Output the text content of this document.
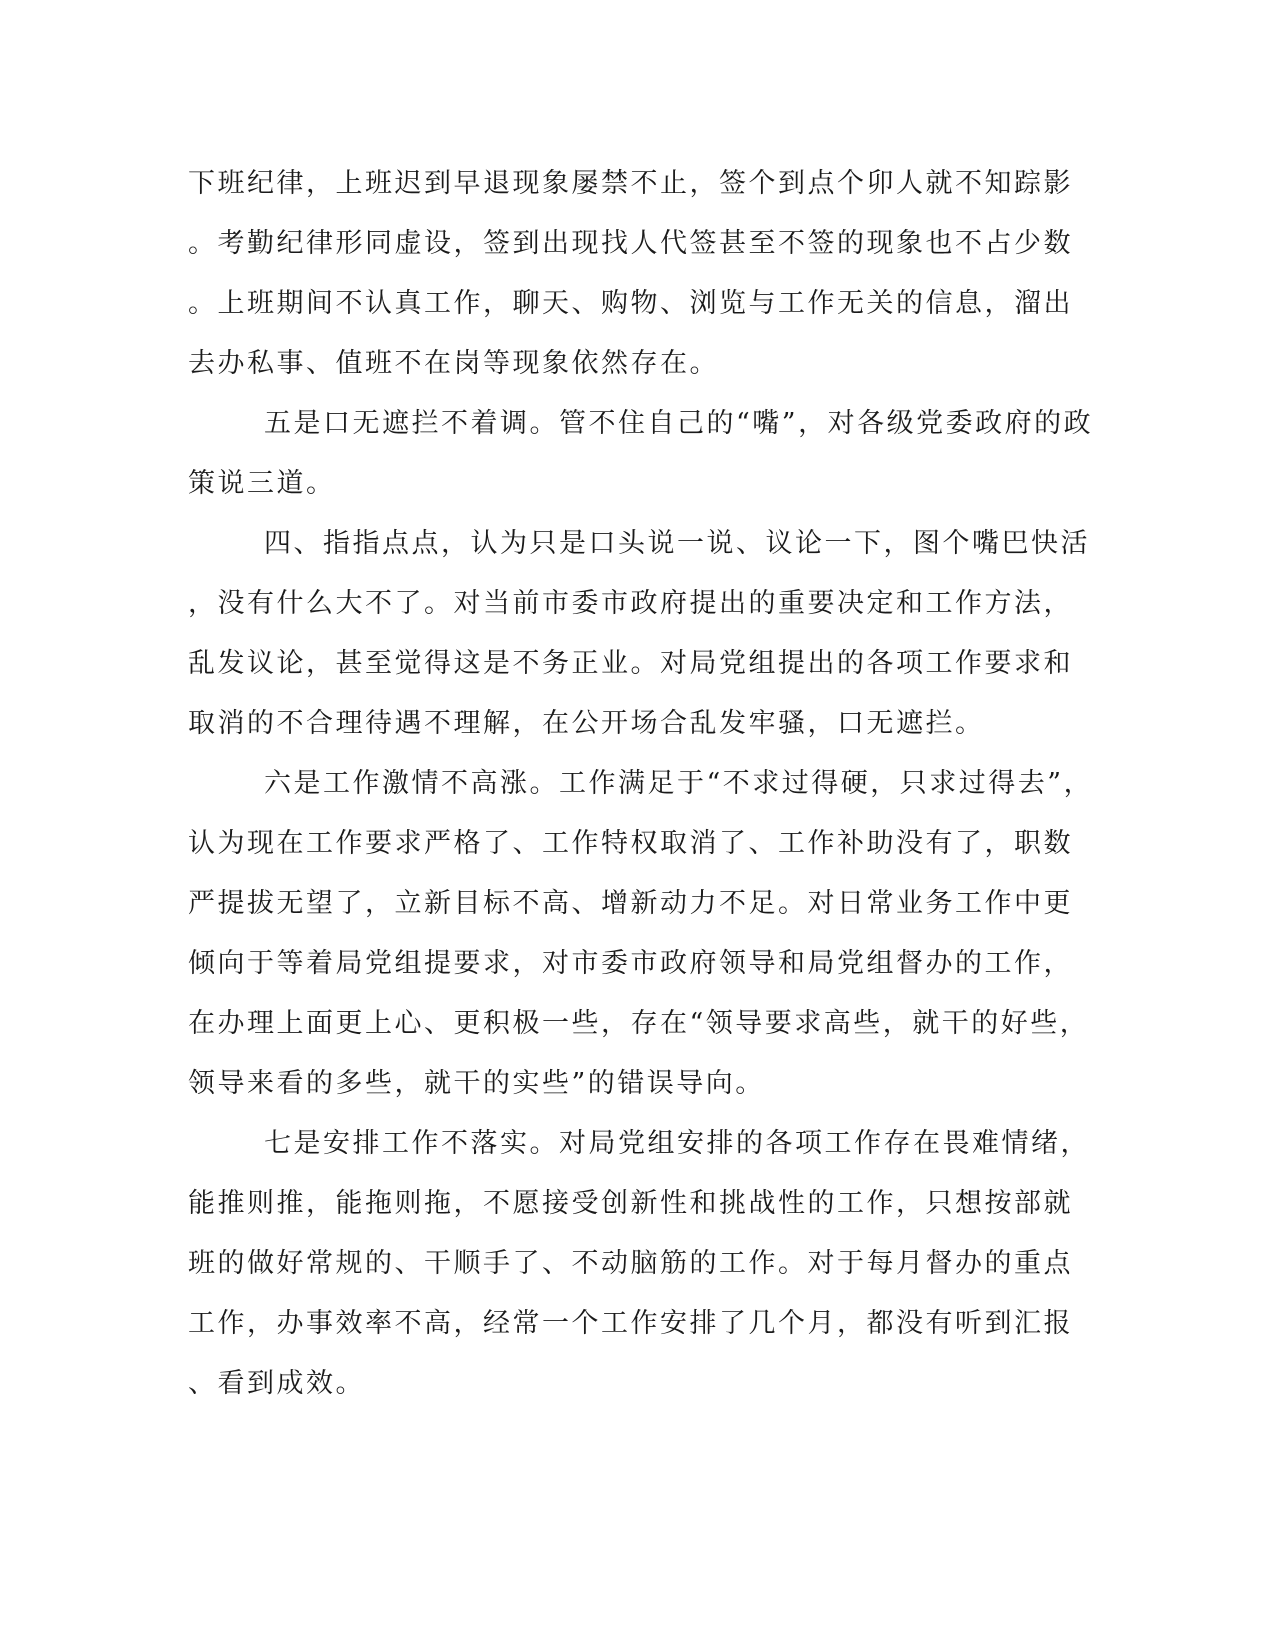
下班纪律，上班迟到早退现象屡禁不止，签个到点个卯人就不知踪影
。考勤纪律形同虚设，签到出现找人代签甚至不签的现象也不占少数
。上班期间不认真工作，聊天、购物、浏览与工作无关的信息，溜出
去办私事、值班不在岗等现象依然存在。
五是口无遮拦不着调。管不住自己的“嘴”，对各级党委政府的政
策说三道。
四、指指点点，认为只是口头说一说、议论一下，图个嘴巴快活
，没有什么大不了。对当前市委市政府提出的重要决定和工作方法，
乱发议论，甚至觉得这是不务正业。对局党组提出的各项工作要求和
取消的不合理待遇不理解，在公开场合乱发牢骚，口无遮拦。
六是工作激情不高涨。工作满足于“不求过得硬，只求过得去”，
认为现在工作要求严格了、工作特权取消了、工作补助没有了，职数
严提拔无望了，立新目标不高、增新动力不足。对日常业务工作中更
倾向于等着局党组提要求，对市委市政府领导和局党组督办的工作，
在办理上面更上心、更积极一些，存在“领导要求高些，就干的好些，
领导来看的多些，就干的实些”的错误导向。
七是安排工作不落实。对局党组安排的各项工作存在畏难情绪，
能推则推，能拖则拖，不愿接受创新性和挑战性的工作，只想按部就
班的做好常规的、干顺手了、不动脑筋的工作。对于每月督办的重点
工作，办事效率不高，经常一个工作安排了几个月，都没有听到汇报
、看到成效。
